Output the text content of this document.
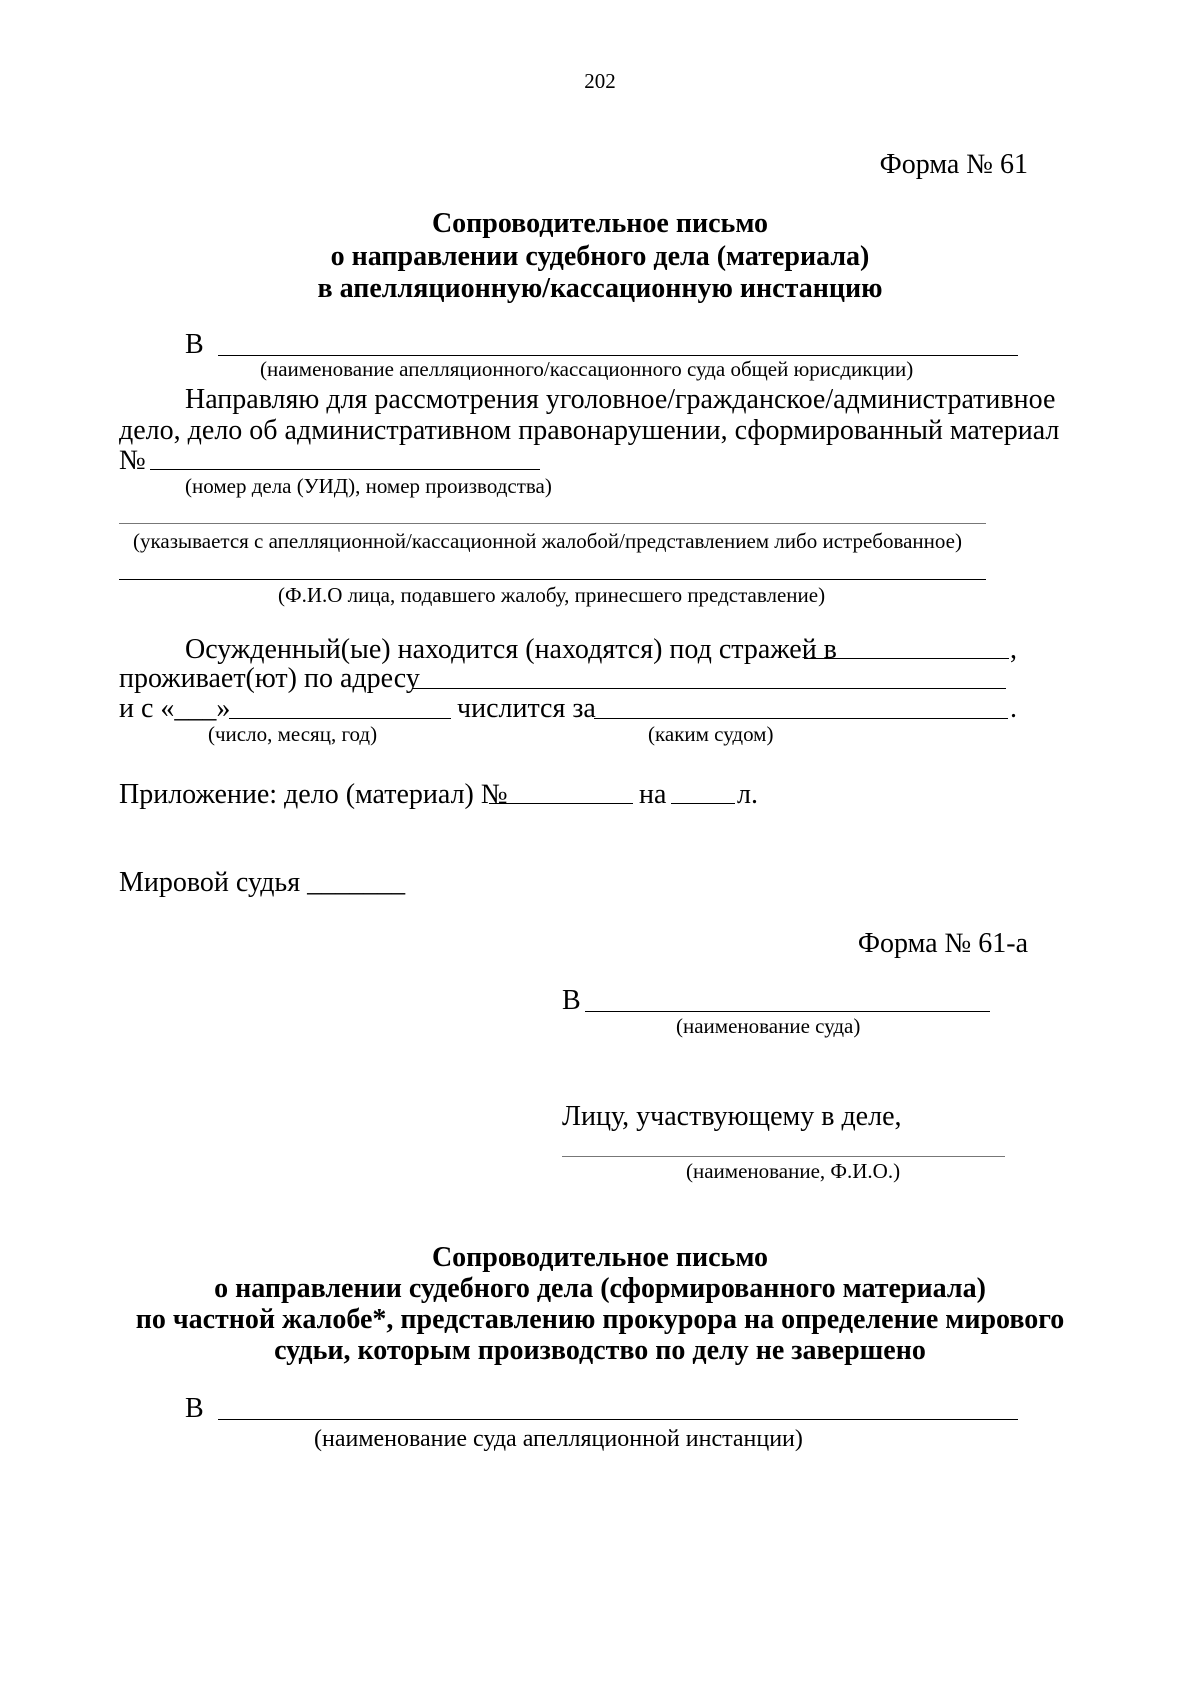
202
Форма № 61
Сопроводительное письмо
о направлении судебного дела (материала)
в апелляционную/кассационную инстанцию
В
(наименование апелляционного/кассационного суда общей юрисдикции)
Направляю для рассмотрения уголовное/гражданское/административное
дело, дело об административном правонарушении, сформированный материал
№
(номер дела (УИД), номер производства)
(указывается с апелляционной/кассационной жалобой/представлением либо истребованное)
(Ф.И.О лица, подавшего жалобу, принесшего представление)
Осужденный(ые) находится (находятся) под стражей в	,
проживает(ют) по адресу
и с «___»	числится за	.
(число, месяц, год)	(каким судом)
Приложение: дело (материал) №	на	л.
Мировой судья _______
Форма № 61-а
В
(наименование суда)
Лицу, участвующему в деле,
(наименование, Ф.И.О.)
Сопроводительное письмо
о направлении судебного дела (сформированного материала)
по частной жалобе*, представлению прокурора на определение мирового
судьи, которым производство по делу не завершено
В
(наименование суда апелляционной инстанции)
